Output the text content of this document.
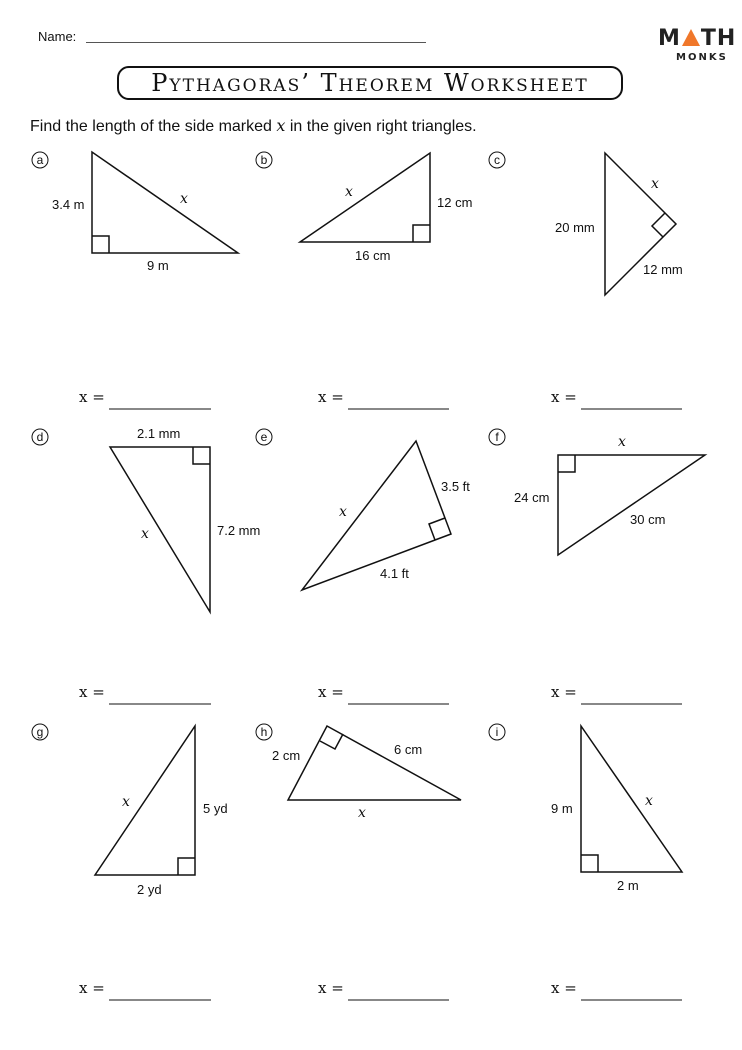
Name:	M TH
MONKS
Pythagoras’ Theorem Worksheet
Find the length of the side marked x in the given right triangles.
a	b	c
d	e	f
g	h	i
3.4 m	x
9 m
x
12 cm
16 cm
x
20 mm
12 mm
2.1 mm
x	7.2 mm
3.5 ft
x
4.1 ft
x
24 cm
30 cm
x	5 yd
2 yd
6 cm
2 cm
x
x
9 m
2 m
x =	x =	x =
x =	x =	x =
x =	x =	x =
